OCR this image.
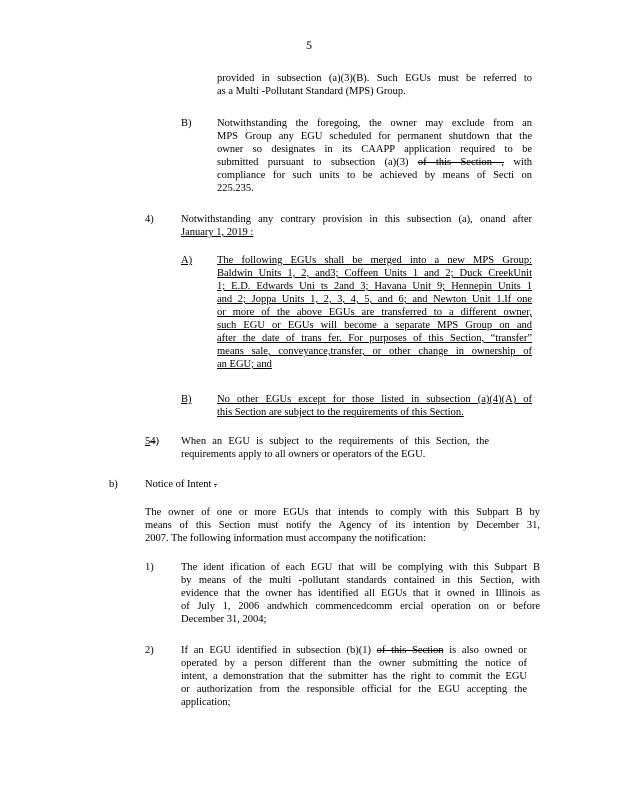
5
provided in subsection (a)(3)(B). Such EGUs must be referred to
as a Multi -Pollutant Standard (MPS) Group.
B) Notwithstanding the foregoing, the owner may exclude from an
MPS Group any EGU scheduled for permanent shutdown that the
owner so designates in its CAAPP application required to be
submitted pursuant to subsection (a)(3) of this Section , with
compliance for such units to be achieved by means of Secti on
225.235.
4)	Notwithstanding any contrary provision in this subsection (a), onand after
January 1, 2019 :
A) The following EGUs shall be merged into a new MPS Group:
Baldwin Units 1, 2, and3; Coffeen Units 1 and 2; Duck CreekUnit
1; E.D. Edwards Uni ts 2and 3; Havana Unit 9; Hennepin Units 1
and 2; Joppa Units 1, 2, 3, 4, 5, and 6; and Newton Unit 1.If one
or more of the above EGUs are transferred to a different owner,
such EGU or EGUs will become a separate MPS Group on and
after the date of trans fer. For purposes of this Section, “transfer”
means sale, conveyance,transfer, or other change in ownership of
an EGU; and
B) No other EGUs except for those listed in subsection (a)(4)(A) of
this Section are subject to the requirements of this Section.
54) When an EGU is subject to the requirements of this Section, the
requirements apply to all owners or operators of the EGU.
b)	Notice of Intent .
The owner of one or more EGUs that intends to comply with this Subpart B by
means of this Section must notify the Agency of its intention by December 31,
2007. The following information must accompany the notification:
1)	The ident ification of each EGU that will be complying with this Subpart B
by means of the multi -pollutant standards contained in this Section, with
evidence that the owner has identified all EGUs that it owned in Illinois as
of July 1, 2006 andwhich commencedcomm ercial operation on or before
December 31, 2004;
2)	If an EGU identified in subsection (b)(1) of this Section is also owned or
operated by a person different than the owner submitting the notice of
intent, a demonstration that the submitter has the right to commit the EGU
or authorization from the responsible official for the EGU accepting the
application;
